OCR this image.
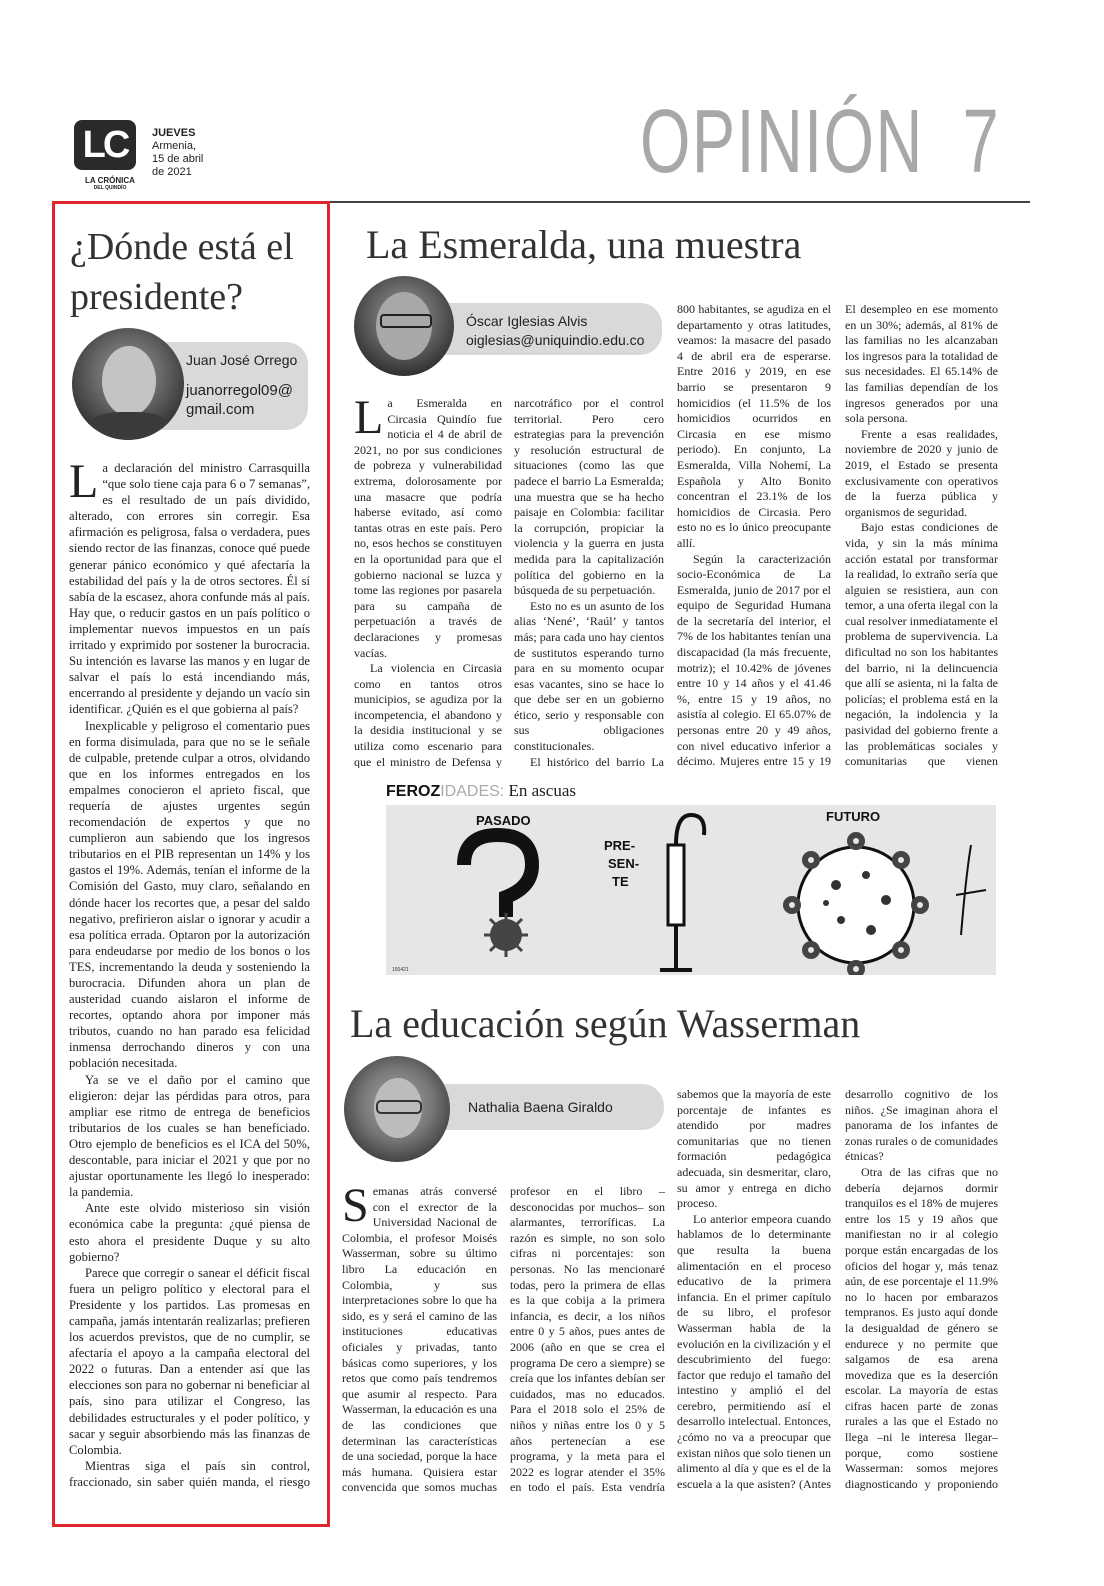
LC
LA CRÓNICA
DEL QUINDÍO
JUEVES
Armenia,
15 de abril
de 2021	OPINIÓN 7
¿Dónde está el presidente?
Juan José Orrego
juanorregol09@
gmail.com

La declaración del ministro Carrasquilla “que solo tiene caja para 6 o 7 semanas”, es el resultado de un país dividido, alterado, con errores sin corregir. Esa afirmación es peligrosa, falsa o verdadera, pues siendo rector de las finanzas, conoce qué puede generar pánico económico y qué afectaría la estabilidad del país y la de otros sectores. Él sí sabía de la escasez, ahora confunde más al país. Hay que, o reducir gastos en un país político o implementar nuevos impuestos en un país irritado y exprimido por sostener la burocracia. Su intención es lavarse las manos y en lugar de salvar el país lo está incendiando más, encerrando al presidente y dejando un vacío sin identificar. ¿Quién es el que gobierna al país?

Inexplicable y peligroso el comentario pues en forma disimulada, para que no se le señale de culpable, pretende culpar a otros, olvidando que en los informes entregados en los empalmes conocieron el aprieto fiscal, que requería de ajustes urgentes según recomendación de expertos y que no cumplieron aun sabiendo que los ingresos tributarios en el PIB representan un 14% y los gastos el 19%. Además, tenían el informe de la Comisión del Gasto, muy claro, señalando en dónde hacer los recortes que, a pesar del saldo negativo, prefirieron aislar o ignorar y acudir a esa política errada. Optaron por la autorización para endeudarse por medio de los bonos o los TES, incrementando la deuda y sosteniendo la burocracia. Difunden ahora un plan de austeridad cuando aislaron el informe de recortes, optando ahora por imponer más tributos, cuando no han parado esa felicidad inmensa derrochando dineros y con una población necesitada.

Ya se ve el daño por el camino que eligieron: dejar las pérdidas para otros, para ampliar ese ritmo de entrega de beneficios tributarios de los cuales se han beneficiado. Otro ejemplo de beneficios es el ICA del 50%, descontable, para iniciar el 2021 y que por no ajustar oportunamente les llegó lo inesperado: la pandemia.

Ante este olvido misterioso sin visión económica cabe la pregunta: ¿qué piensa de esto ahora el presidente Duque y su alto gobierno?

Parece que corregir o sanear el déficit fiscal fuera un peligro político y electoral para el Presidente y los partidos. Las promesas en campaña, jamás intentarán realizarlas; prefieren los acuerdos previstos, que de no cumplir, se afectaría el apoyo a la campaña electoral del 2022 o futuras. Dan a entender así que las elecciones son para no gobernar ni beneficiar al país, sino para utilizar el Congreso, las debilidades estructurales y el poder político, y sacar y seguir absorbiendo más las finanzas de Colombia.

Mientras siga el país sin control, fraccionado, sin saber quién manda, el riesgo

La Esmeralda, una muestra
Óscar Iglesias Alvis
oiglesias@uniquindio.edu.co

La Esmeralda en Circasia Quindío fue noticia el 4 de abril de 2021, no por sus condiciones de pobreza y vulnerabilidad extrema, dolorosamente por una masacre que podría haberse evitado, así como tantas otras en este país. Pero no, esos hechos se constituyen en la oportunidad para que el gobierno nacional se luzca y tome las regiones por pasarela para su campaña de perpetuación a través de declaraciones y promesas vacías.

La violencia en Circasia como en tantos otros municipios, se agudiza por la incompetencia, el abandono y la desidia institucional y se utiliza como escenario para que el ministro de Defensa y

narcotráfico por el control territorial. Pero cero estrategias para la prevención y resolución estructural de situaciones (como las que padece el barrio La Esmeralda; una muestra que se ha hecho paisaje en Colombia: facilitar la corrupción, propiciar la violencia y la guerra en justa medida para la capitalización política del gobierno en la búsqueda de su perpetuación.

Esto no es un asunto de los alias ‘Nené’, ‘Raúl’ y tantos más; para cada uno hay cientos de sustitutos esperando turno para en su momento ocupar esas vacantes, sino se hace lo que debe ser en un gobierno ético, serio y responsable con sus obligaciones constitucionales.

El histórico del barrio La

800 habitantes, se agudiza en el departamento y otras latitudes, veamos: la masacre del pasado 4 de abril era de esperarse. Entre 2016 y 2019, en ese barrio se presentaron 9 homicidios (el 11.5% de los homicidios ocurridos en Circasia en ese mismo periodo). En conjunto, La Esmeralda, Villa Nohemí, La Española y Alto Bonito concentran el 23.1% de los homicidios de Circasia. Pero esto no es lo único preocupante allí.

Según la caracterización socio-Económica de La Esmeralda, junio de 2017 por el equipo de Seguridad Humana de la secretaría del interior, el 7% de los habitantes tenían una discapacidad (la más frecuente, motriz); el 10.42% de jóvenes entre 10 y 14 años y el 41.46 %, entre 15 y 19 años, no asistía al colegio. El 65.07% de personas entre 20 y 49 años, con nivel educativo inferior a décimo. Mujeres entre 15 y 19

El desempleo en ese momento en un 30%; además, al 81% de las familias no les alcanzaban los ingresos para la totalidad de sus necesidades. El 65.14% de las familias dependían de los ingresos generados por una sola persona.

Frente a esas realidades, noviembre de 2020 y junio de 2019, el Estado se presenta exclusivamente con operativos de la fuerza pública y organismos de seguridad.

Bajo estas condiciones de vida, y sin la más mínima acción estatal por transformar la realidad, lo extraño sería que alguien se resistiera, aun con temor, a una oferta ilegal con la cual resolver inmediatamente el problema de supervivencia. La dificultad no son los habitantes del barrio, ni la delincuencia que allí se asienta, ni la falta de policías; el problema está en la negación, la indolencia y la pasividad del gobierno frente a las problemáticas sociales y comunitarias que vienen

FEROZIDADES: En ascuas
PASADO
PRE-
SEN-
TE
FUTURO
150421
La educación según Wasserman
Nathalia Baena Giraldo

Semanas atrás conversé con el exrector de la Universidad Nacional de Colombia, el profesor Moisés Wasserman, sobre su último libro La educación en Colombia, y sus interpretaciones sobre lo que ha sido, es y será el camino de las instituciones educativas oficiales y privadas, tanto básicas como superiores, y los retos que como país tendremos que asumir al respecto. Para Wasserman, la educación es una de las condiciones que determinan las características de una sociedad, porque la hace más humana. Quisiera estar convencida que somos muchas

profesor en el libro –desconocidas por muchos– son alarmantes, terroríficas. La razón es simple, no son solo cifras ni porcentajes: son personas. No las mencionaré todas, pero la primera de ellas es la que cobija a la primera infancia, es decir, a los niños entre 0 y 5 años, pues antes de 2006 (año en que se crea el programa De cero a siempre) se creía que los infantes debían ser cuidados, mas no educados. Para el 2018 solo el 25% de niños y niñas entre los 0 y 5 años pertenecían a ese programa, y la meta para el 2022 es lograr atender el 35% en todo el país. Esta vendría

sabemos que la mayoría de este porcentaje de infantes es atendido por madres comunitarias que no tienen formación pedagógica adecuada, sin desmeritar, claro, su amor y entrega en dicho proceso.

Lo anterior empeora cuando hablamos de lo determinante que resulta la buena alimentación en el proceso educativo de la primera infancia. En el primer capítulo de su libro, el profesor Wasserman habla de la evolución en la civilización y el descubrimiento del fuego: factor que redujo el tamaño del intestino y amplió el del cerebro, permitiendo así el desarrollo intelectual. Entonces, ¿cómo no va a preocupar que existan niños que solo tienen un alimento al día y que es el de la escuela a la que asisten? (Antes

desarrollo cognitivo de los niños. ¿Se imaginan ahora el panorama de los infantes de zonas rurales o de comunidades étnicas?

Otra de las cifras que no debería dejarnos dormir tranquilos es el 18% de mujeres entre los 15 y 19 años que manifiestan no ir al colegio porque están encargadas de los oficios del hogar y, más tenaz aún, de ese porcentaje el 11.9% no lo hacen por embarazos tempranos. Es justo aquí donde la desigualdad de género se endurece y no permite que salgamos de esa arena movediza que es la deserción escolar. La mayoría de estas cifras hacen parte de zonas rurales a las que el Estado no llega –ni le interesa llegar– porque, como sostiene Wasserman: somos mejores diagnosticando y proponiendo
